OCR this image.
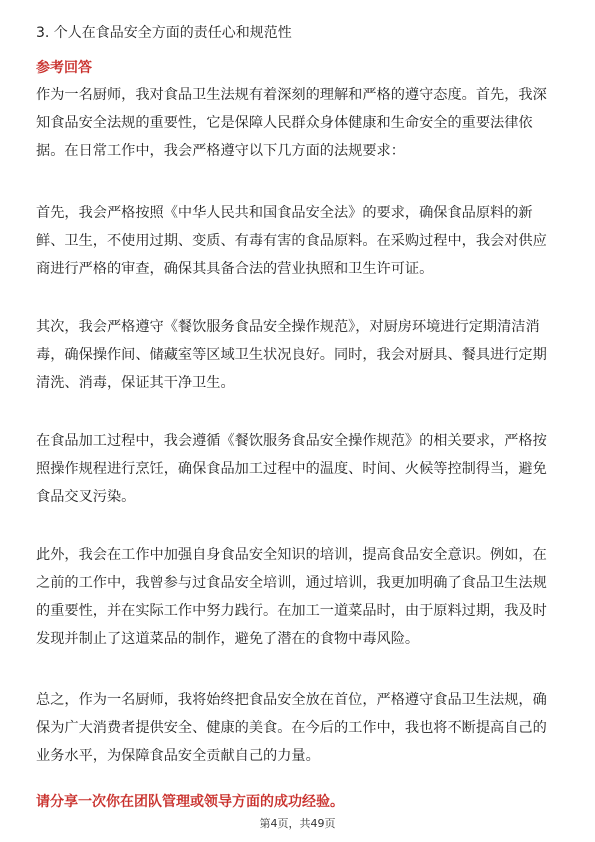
3. 个人在食品安全方面的责任心和规范性
参考回答

作为一名厨师，我对食品卫生法规有着深刻的理解和严格的遵守态度。首先，我深
知食品安全法规的重要性，它是保障人民群众身体健康和生命安全的重要法律依
据。在日常工作中，我会严格遵守以下几方面的法规要求：

首先，我会严格按照《中华人民共和国食品安全法》的要求，确保食品原料的新
鲜、卫生，不使用过期、变质、有毒有害的食品原料。在采购过程中，我会对供应
商进行严格的审查，确保其具备合法的营业执照和卫生许可证。

其次，我会严格遵守《餐饮服务食品安全操作规范》，对厨房环境进行定期清洁消
毒，确保操作间、储藏室等区域卫生状况良好。同时，我会对厨具、餐具进行定期
清洗、消毒，保证其干净卫生。

在食品加工过程中，我会遵循《餐饮服务食品安全操作规范》的相关要求，严格按
照操作规程进行烹饪，确保食品加工过程中的温度、时间、火候等控制得当，避免
食品交叉污染。

此外，我会在工作中加强自身食品安全知识的培训，提高食品安全意识。例如，在
之前的工作中，我曾参与过食品安全培训，通过培训，我更加明确了食品卫生法规
的重要性，并在实际工作中努力践行。在加工一道菜品时，由于原料过期，我及时
发现并制止了这道菜品的制作，避免了潜在的食物中毒风险。

总之，作为一名厨师，我将始终把食品安全放在首位，严格遵守食品卫生法规，确
保为广大消费者提供安全、健康的美食。在今后的工作中，我也将不断提高自己的
业务水平，为保障食品安全贡献自己的力量。

请分享一次你在团队管理或领导方面的成功经验。
第4页，共49页
